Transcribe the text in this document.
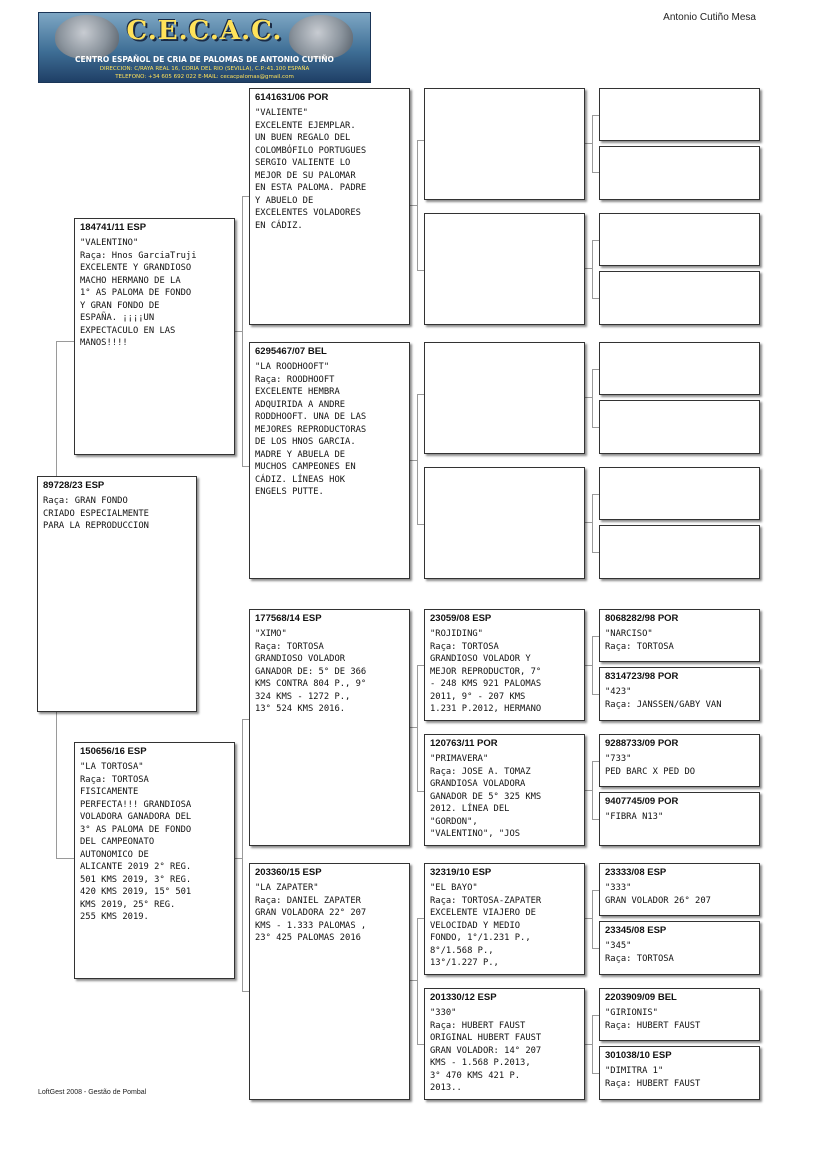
C.E.C.A.C.
CENTRO ESPAÑOL DE CRIA DE PALOMAS DE ANTONIO CUTIÑO
DIRECCION: C/RAYA REAL 16, CORIA DEL RIO (SEVILLA), C.P.:41.100 ESPAÑA
TELEFONO: +34 605 692 022 E-MAIL: cecacpalomas@gmail.com
Antonio Cutiño Mesa
89728/23 ESP
Raça: GRAN FONDO
CRIADO ESPECIALMENTE
PARA LA REPRODUCCION
184741/11 ESP
"VALENTINO"
Raça: Hnos GarciaTruji
EXCELENTE Y GRANDIOSO
MACHO HERMANO DE LA
1° AS PALOMA DE FONDO
Y GRAN FONDO DE
ESPAÑA. ¡¡¡¡UN
EXPECTACULO EN LAS
MANOS!!!!
150656/16 ESP
"LA TORTOSA"
Raça: TORTOSA
FISICAMENTE
PERFECTA!!! GRANDIOSA
VOLADORA GANADORA DEL
3° AS PALOMA DE FONDO
DEL CAMPEONATO
AUTONOMICO DE
ALICANTE 2019 2° REG.
501 KMS 2019, 3° REG.
420 KMS 2019, 15° 501
KMS 2019, 25° REG.
255 KMS 2019.
6141631/06 POR
"VALIENTE"
EXCELENTE EJEMPLAR.
UN BUEN REGALO DEL
COLOMBÓFILO PORTUGUES
SERGIO VALIENTE LO
MEJOR DE SU PALOMAR
EN ESTA PALOMA. PADRE
Y ABUELO DE
EXCELENTES VOLADORES
EN CÁDIZ.
6295467/07 BEL
"LA ROODHOOFT"
Raça: ROODHOOFT
EXCELENTE HEMBRA
ADQUIRIDA A ANDRE
RODDHOOFT. UNA DE LAS
MEJORES REPRODUCTORAS
DE LOS HNOS GARCIA.
MADRE Y ABUELA DE
MUCHOS CAMPEONES EN
CÁDIZ. LÍNEAS HOK
ENGELS PUTTE.
177568/14 ESP
"XIMO"
Raça: TORTOSA
GRANDIOSO VOLADOR
GANADOR DE: 5° DE 366
KMS CONTRA 804 P., 9°
324 KMS - 1272 P.,
13° 524 KMS 2016.
203360/15 ESP
"LA ZAPATER"
Raça: DANIEL ZAPATER
GRAN VOLADORA 22° 207
KMS - 1.333 PALOMAS ,
23° 425 PALOMAS 2016
23059/08 ESP
"ROJIDING"
Raça: TORTOSA
GRANDIOSO VOLADOR Y
MEJOR REPRODUCTOR, 7°
- 248 KMS 921 PALOMAS
2011, 9° - 207 KMS
1.231 P.2012, HERMANO
120763/11 POR
"PRIMAVERA"
Raça: JOSE A. TOMAZ
GRANDIOSA VOLADORA
GANADOR DE 5° 325 KMS
2012. LÍNEA DEL
"GORDON",
"VALENTINO", "JOS
32319/10 ESP
"EL BAYO"
Raça: TORTOSA-ZAPATER
EXCELENTE VIAJERO DE
VELOCIDAD Y MEDIO
FONDO, 1°/1.231 P.,
8°/1.568 P.,
13°/1.227 P.,
201330/12 ESP
"330"
Raça: HUBERT FAUST
ORIGINAL HUBERT FAUST
GRAN VOLADOR: 14° 207
KMS - 1.568 P.2013,
3° 470 KMS 421 P.
2013..
8068282/98 POR
"NARCISO"
Raça: TORTOSA
8314723/98 POR
"423"
Raça: JANSSEN/GABY VAN
9288733/09 POR
"733"
PED BARC X PED DO
9407745/09 POR
"FIBRA N13"
23333/08 ESP
"333"
GRAN VOLADOR 26° 207
23345/08 ESP
"345"
Raça: TORTOSA
2203909/09 BEL
"GIRIONIS"
Raça: HUBERT FAUST
301038/10 ESP
"DIMITRA 1"
Raça: HUBERT FAUST
LoftGest 2008 - Gestão de Pombal
